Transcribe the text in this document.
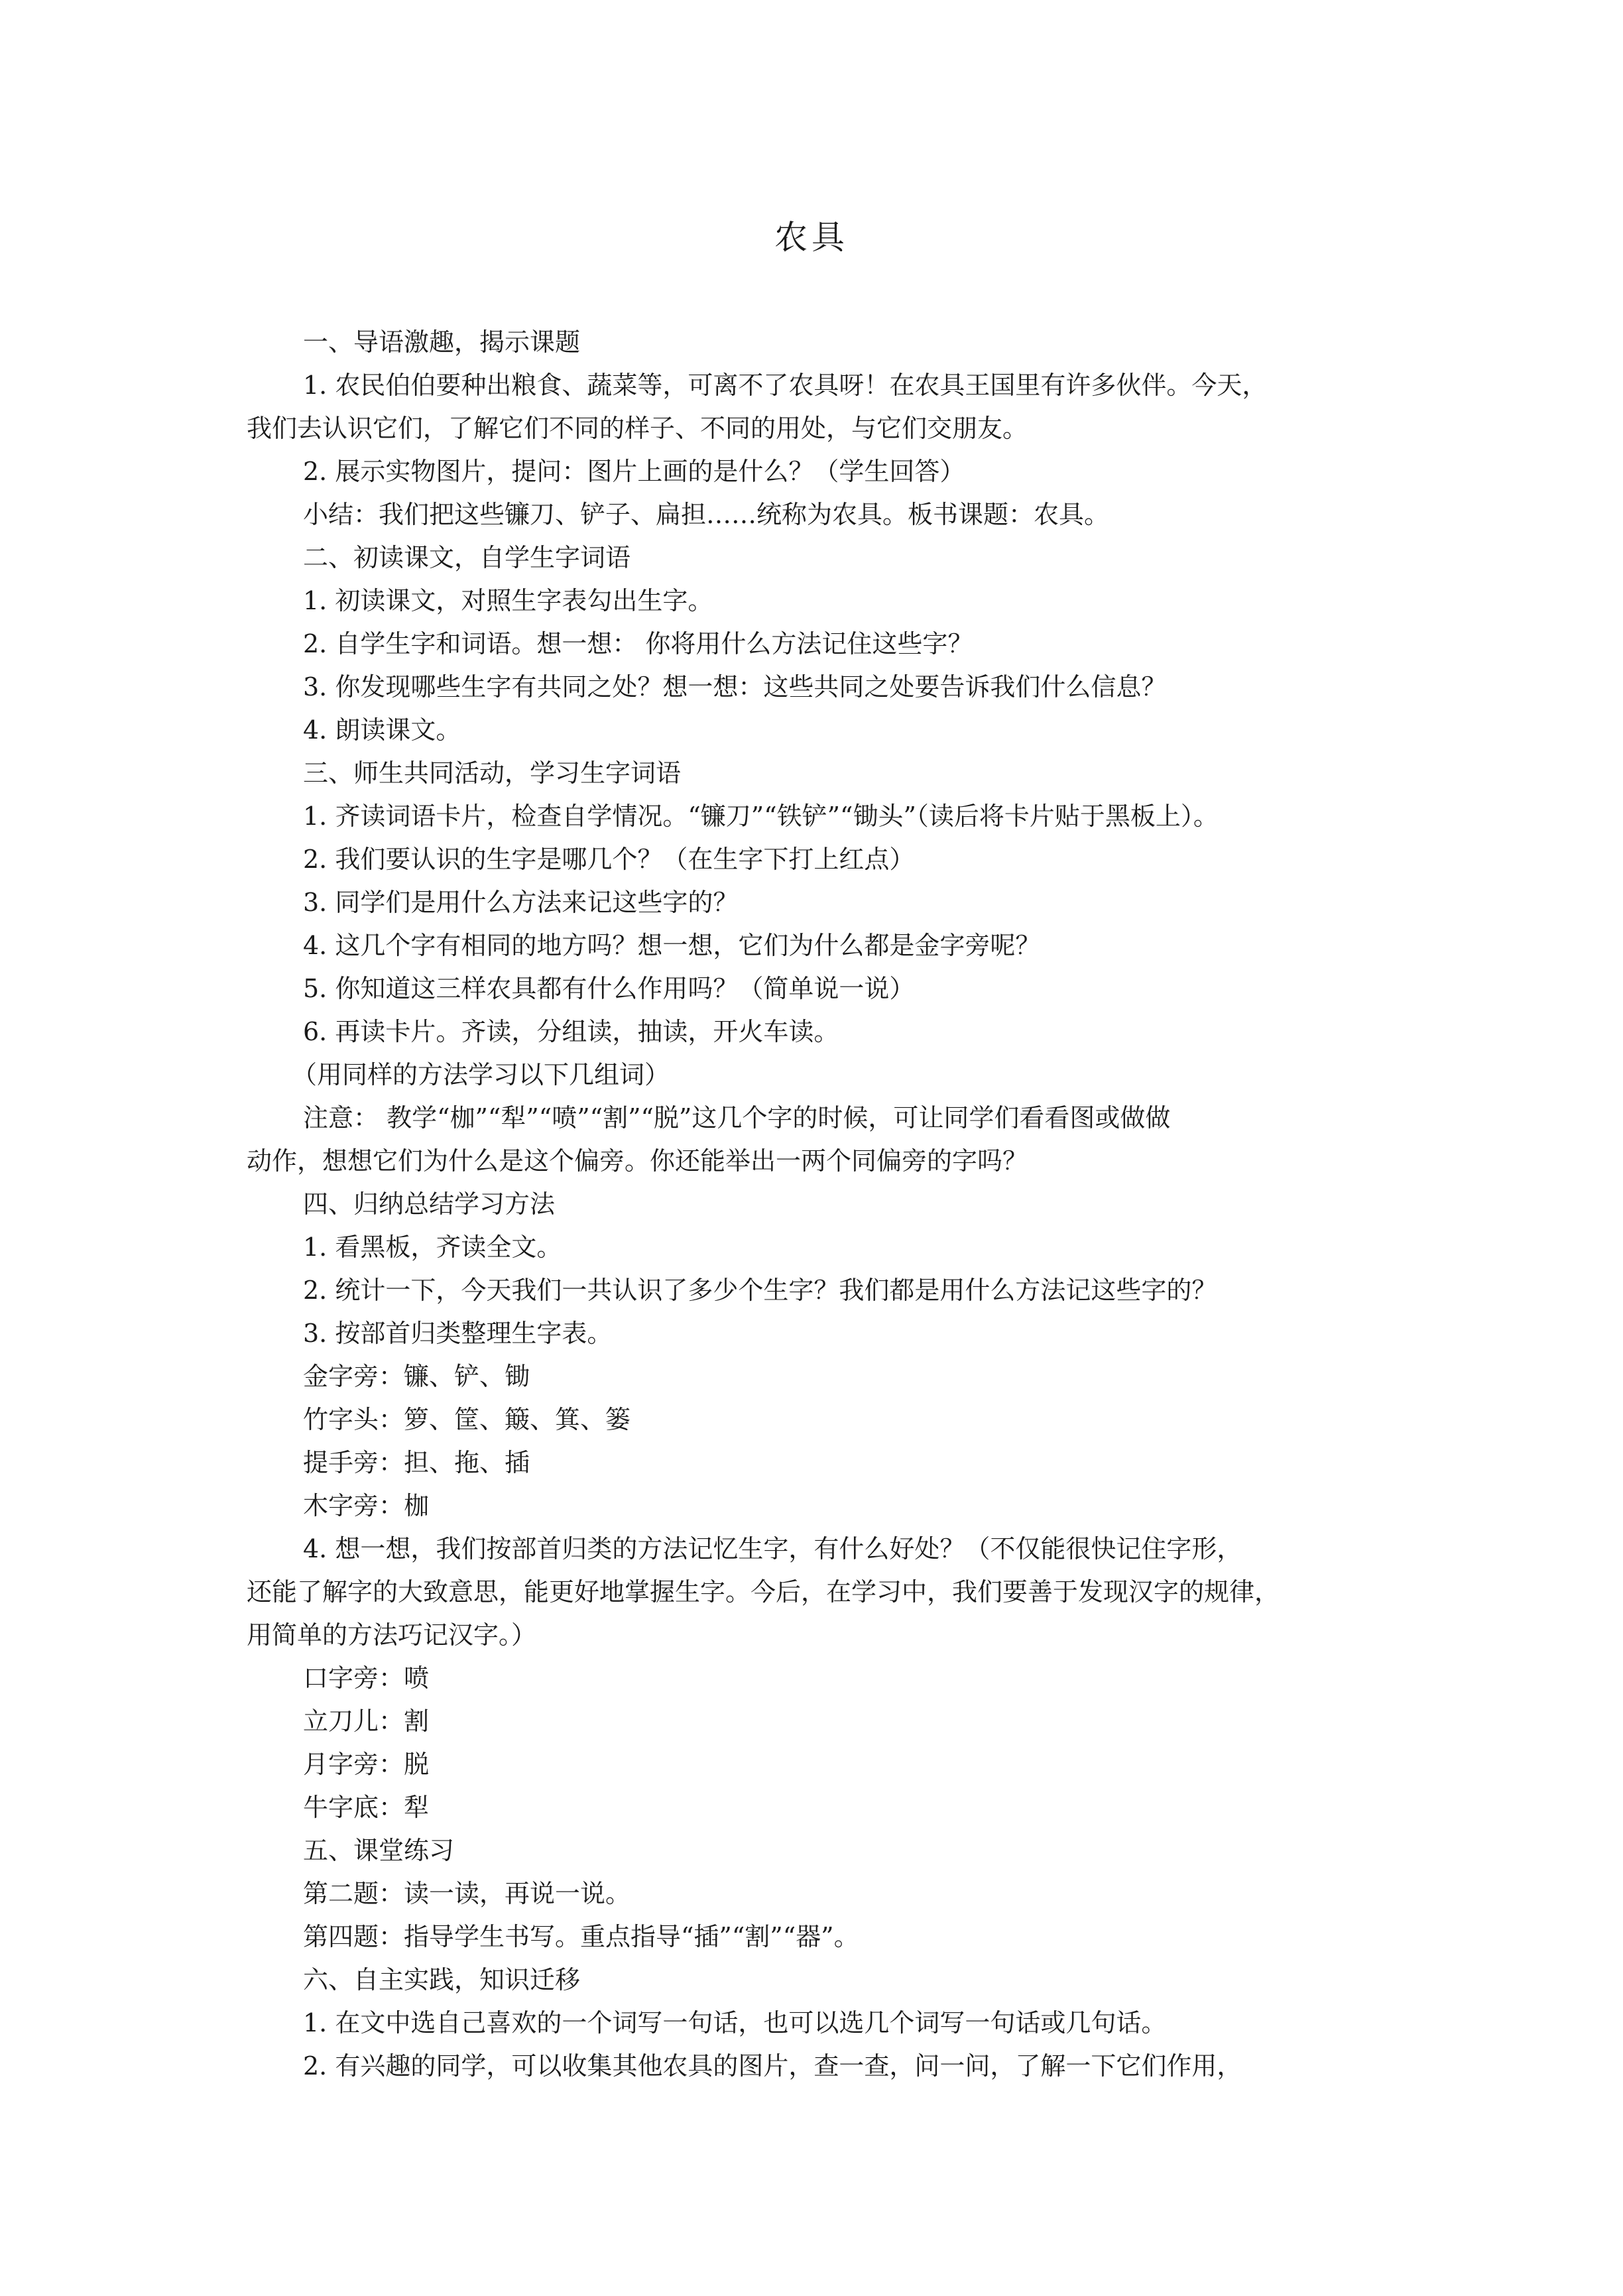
农具
一、导语激趣，揭示课题
1. 农民伯伯要种出粮食、蔬菜等，可离不了农具呀！在农具王国里有许多伙伴。今天，
我们去认识它们，了解它们不同的样子、不同的用处，与它们交朋友。
2. 展示实物图片，提问：图片上画的是什么？（学生回答）
小结：我们把这些镰刀、铲子、扁担……统称为农具。板书课题：农具。
二、初读课文，自学生字词语
1. 初读课文，对照生字表勾出生字。
2. 自学生字和词语。想一想： 你将用什么方法记住这些字？
3. 你发现哪些生字有共同之处？想一想：这些共同之处要告诉我们什么信息？
4. 朗读课文。
三、师生共同活动，学习生字词语
1. 齐读词语卡片，检查自学情况。“镰刀”“铁铲”“锄头”（读后将卡片贴于黑板上）。
2. 我们要认识的生字是哪几个？（在生字下打上红点）
3. 同学们是用什么方法来记这些字的？
4. 这几个字有相同的地方吗？想一想，它们为什么都是金字旁呢？
5. 你知道这三样农具都有什么作用吗？（简单说一说）
6. 再读卡片。齐读，分组读，抽读，开火车读。
（用同样的方法学习以下几组词）
注意： 教学“枷”“犁”“喷”“割”“脱”这几个字的时候，可让同学们看看图或做做
动作，想想它们为什么是这个偏旁。你还能举出一两个同偏旁的字吗？
四、归纳总结学习方法
1. 看黑板，齐读全文。
2. 统计一下，今天我们一共认识了多少个生字？我们都是用什么方法记这些字的？
3. 按部首归类整理生字表。
金字旁：镰、铲、锄
竹字头：箩、筐、簸、箕、篓
提手旁：担、拖、插
木字旁：枷
4. 想一想，我们按部首归类的方法记忆生字，有什么好处？（不仅能很快记住字形，
还能了解字的大致意思，能更好地掌握生字。今后，在学习中，我们要善于发现汉字的规律，
用简单的方法巧记汉字。）
口字旁：喷
立刀儿：割
月字旁：脱
牛字底：犁
五、课堂练习
第二题：读一读，再说一说。
第四题：指导学生书写。重点指导“插”“割”“器”。
六、自主实践，知识迁移
1. 在文中选自己喜欢的一个词写一句话，也可以选几个词写一句话或几句话。
2. 有兴趣的同学，可以收集其他农具的图片，查一查，问一问，了解一下它们作用，
